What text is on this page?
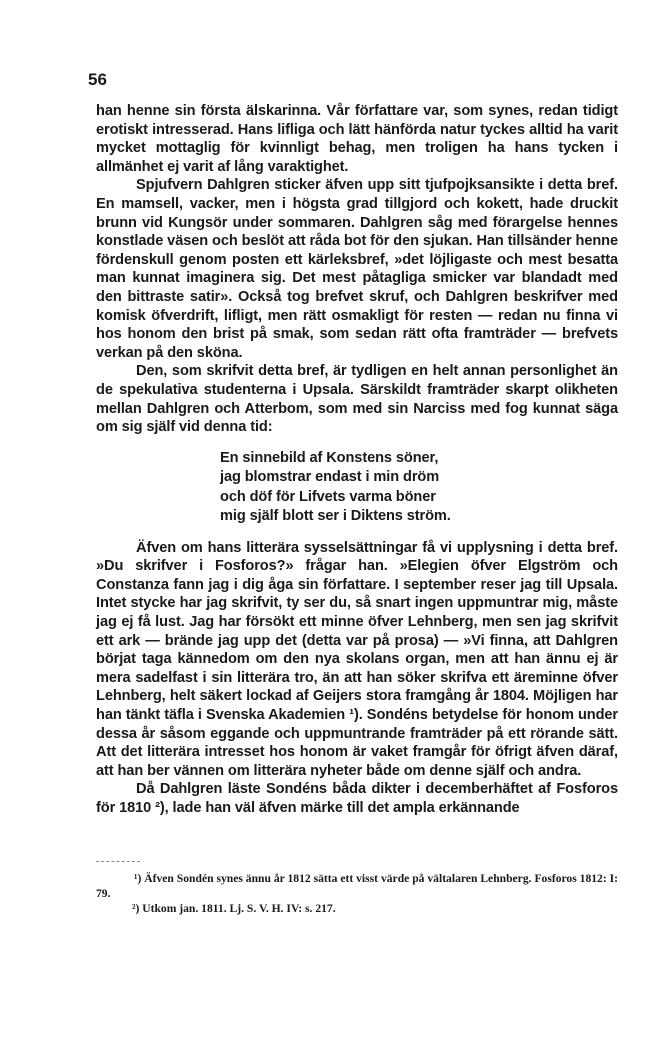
56

han henne sin första älskarinna. Vår författare var, som synes, redan tidigt erotiskt intresserad. Hans lifliga och lätt hänförda natur tyckes alltid ha varit mycket mottaglig för kvinnligt behag, men troligen ha hans tycken i allmänhet ej varit af lång varaktighet.

Spjufvern Dahlgren sticker äfven upp sitt tjufpojksansikte i detta bref. En mamsell, vacker, men i högsta grad tillgjord och kokett, hade druckit brunn vid Kungsör under sommaren. Dahlgren såg med förargelse hennes konstlade väsen och beslöt att råda bot för den sjukan. Han tillsänder henne fördenskull genom posten ett kärleksbref, »det löjligaste och mest besatta man kunnat imaginera sig. Det mest påtagliga smicker var blandadt med den bittraste satir». Också tog brefvet skruf, och Dahlgren beskrifver med komisk öfverdrift, lifligt, men rätt osmakligt för resten — redan nu finna vi hos honom den brist på smak, som sedan rätt ofta framträder — brefvets verkan på den sköna.

Den, som skrifvit detta bref, är tydligen en helt annan personlighet än de spekulativa studenterna i Upsala. Särskildt framträder skarpt olikheten mellan Dahlgren och Atterbom, som med sin Narciss med fog kunnat säga om sig själf vid denna tid:

En sinnebild af Konstens söner,
jag blomstrar endast i min dröm
och döf för Lifvets varma böner
mig själf blott ser i Diktens ström.

Äfven om hans litterära sysselsättningar få vi upplysning i detta bref. »Du skrifver i Fosforos?» frågar han. »Elegien öfver Elgström och Constanza fann jag i dig åga sin författare. I september reser jag till Upsala. Intet stycke har jag skrifvit, ty ser du, så snart ingen uppmuntrar mig, måste jag ej få lust. Jag har försökt ett minne öfver Lehnberg, men sen jag skrifvit ett ark — brände jag upp det (detta var på prosa) — »Vi finna, att Dahlgren börjat taga kännedom om den nya skolans organ, men att han ännu ej är mera sadelfast i sin litterära tro, än att han söker skrifva ett äreminne öfver Lehnberg, helt säkert lockad af Geijers stora framgång år 1804. Möjligen har han tänkt täfla i Svenska Akademien ¹). Sondéns betydelse för honom under dessa år såsom eggande och uppmuntrande framträder på ett rörande sätt. Att det litterära intresset hos honom är vaket framgår för öfrigt äfven däraf, att han ber vännen om litterära nyheter både om denne själf och andra.

Då Dahlgren läste Sondéns båda dikter i decemberhäftet af Fosforos för 1810 ²), lade han väl äfven märke till det ampla erkännande

¹) Äfven Sondén synes ännu år 1812 sätta ett visst värde på vältalaren Lehnberg. Fosforos 1812: I: 79.

²) Utkom jan. 1811. Lj. S. V. H. IV: s. 217.
